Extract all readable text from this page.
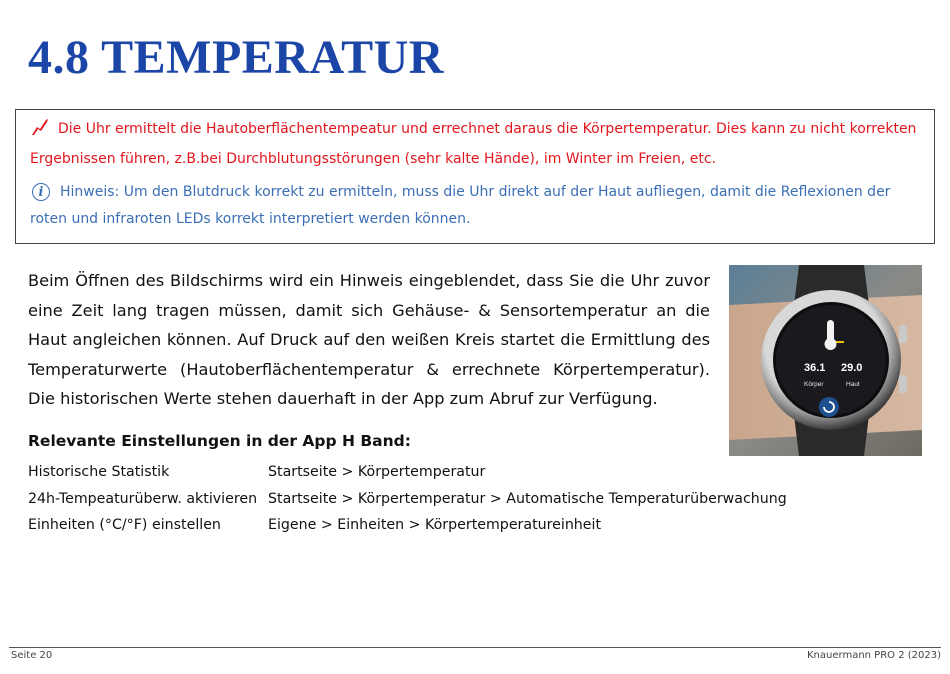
4.8 TEMPERATUR
Die Uhr ermittelt die Hautoberflächentempeatur und errechnet daraus die Körpertemperatur. Dies kann zu nicht korrekten Ergebnissen führen, z.B.bei Durchblutungsstörungen (sehr kalte Hände), im Winter im Freien, etc.
i Hinweis: Um den Blutdruck korrekt zu ermitteln, muss die Uhr direkt auf der Haut aufliegen, damit die Reflexionen der roten und infraroten LEDs korrekt interpretiert werden können.

Beim Öffnen des Bildschirms wird ein Hinweis eingeblendet, dass Sie die Uhr zuvor eine Zeit lang tragen müssen, damit sich Gehäuse- & Sensortemperatur an die Haut angleichen können. Auf Druck auf den weißen Kreis startet die Ermittlung des Temperaturwerte (Hautoberflächentemperatur & errechnete Körpertemperatur). Die historischen Werte stehen dauerhaft in der App zum Abruf zur Verfügung.

36.1 29.0
Körper	Haut
Relevante Einstellungen in der App H Band:
Historische Statistik	Startseite > Körpertemperatur
24h-Tempeaturüberw. aktivieren Startseite > Körpertemperatur > Automatische Temperaturüberwachung
Einheiten (°C/°F) einstellen	Eigene > Einheiten > Körpertemperatureinheit
Seite 20	Knauermann PRO 2 (2023)
